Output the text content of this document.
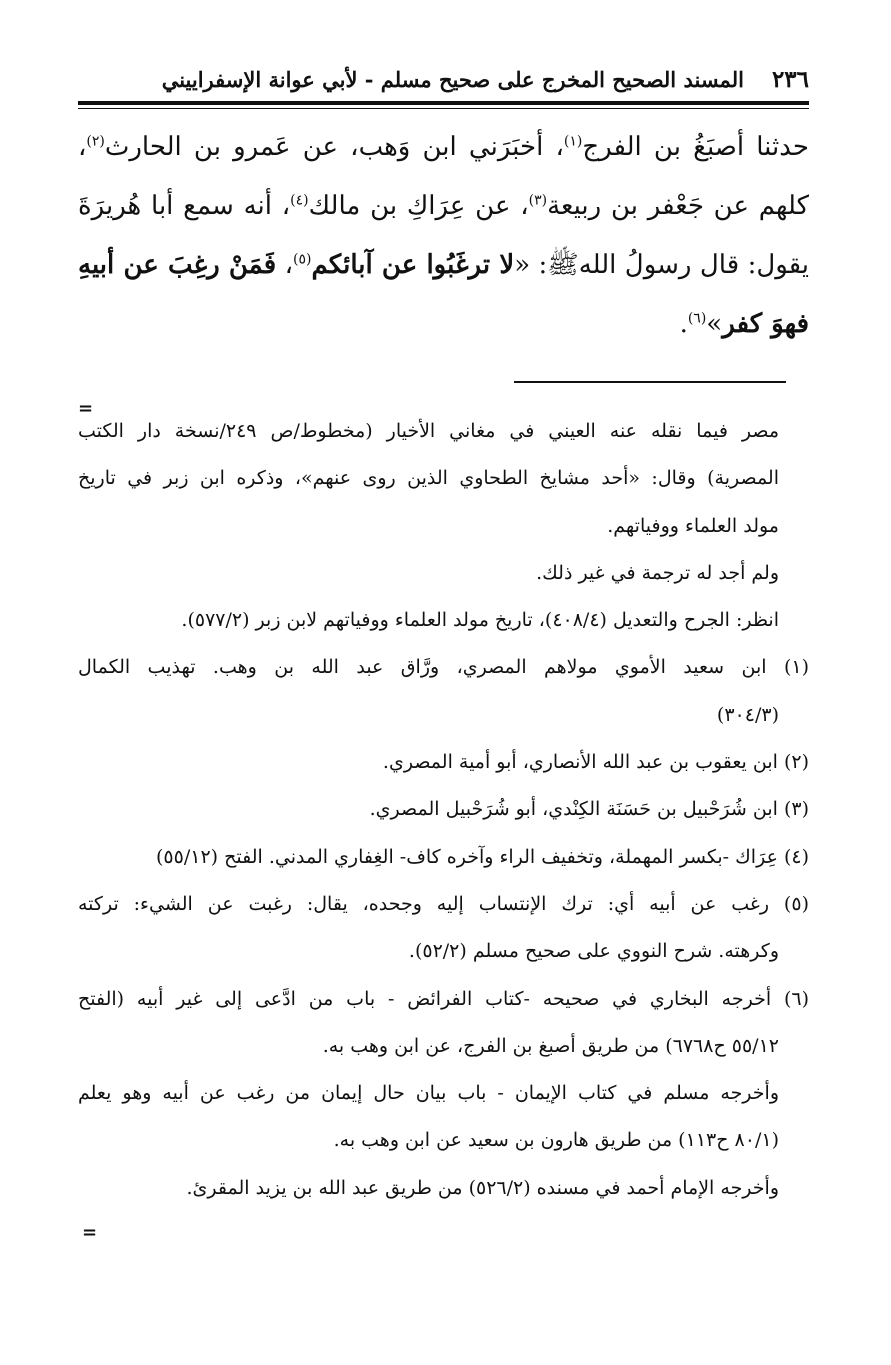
٢٣٦
المسند الصحيح المخرج على صحيح مسلم - لأبي عوانة الإسفراييني
حدثنا أصبَغُ بن الفرج$^{(١)}$، أخبَرَني ابن وَهب، عن عَمرو بن الحارث$^{(٢)}$،
كلهم عن جَعْفر بن ربيعة$^{(٣)}$، عن عِرَاكِ بن مالك$^{(٤)}$، أنه سمع أبا هُريرَةَ
يقول: قال رسولُ اللهﷺ: «لا ترغَبُوا عن آبائكم$^{(٥)}$، فَمَنْ رغِبَ عن أبيهِ
فهوَ كفر»$^{(٦)}$.
=
مصر فيما نقله عنه العيني في مغاني الأخيار (مخطوط/ص ٢٤٩/نسخة دار الكتب
المصرية) وقال: «أحد مشايخ الطحاوي الذين روى عنهم»، وذكره ابن زبر في تاريخ
مولد العلماء ووفياتهم.
ولم أجد له ترجمة في غير ذلك.
انظر: الجرح والتعديل (٤٠٨/٤)، تاريخ مولد العلماء ووفياتهم لابن زبر (٥٧٧/٢).
(١) ابن سعيد الأموي مولاهم المصري، ورَّاق عبد الله بن وهب. تهذيب الكمال
(٣٠٤/٣)
(٢) ابن يعقوب بن عبد الله الأنصاري، أبو أمية المصري.
(٣) ابن شُرَحْبيل بن حَسَنَة الكِنْدي، أبو شُرَحْبيل المصري.
(٤) عِرَاك -بكسر المهملة، وتخفيف الراء وآخره كاف- الغِفاري المدني. الفتح (٥٥/١٢)
(٥) رغب عن أبيه أي: ترك الإنتساب إليه وجحده، يقال: رغبت عن الشيء: تركته
وكرهته. شرح النووي على صحيح مسلم (٥٢/٢).
(٦) أخرجه البخاري في صحيحه -كتاب الفرائض - باب من ادَّعى إلى غير أبيه (الفتح
٥٥/١٢ ح٦٧٦٨) من طريق أصبغ بن الفرج، عن ابن وهب به.
وأخرجه مسلم في كتاب الإيمان - باب بيان حال إيمان من رغب عن أبيه وهو يعلم
(٨٠/١ ح١١٣) من طريق هارون بن سعيد عن ابن وهب به.
وأخرجه الإمام أحمد في مسنده (٥٢٦/٢) من طريق عبد الله بن يزيد المقرئ.
=
